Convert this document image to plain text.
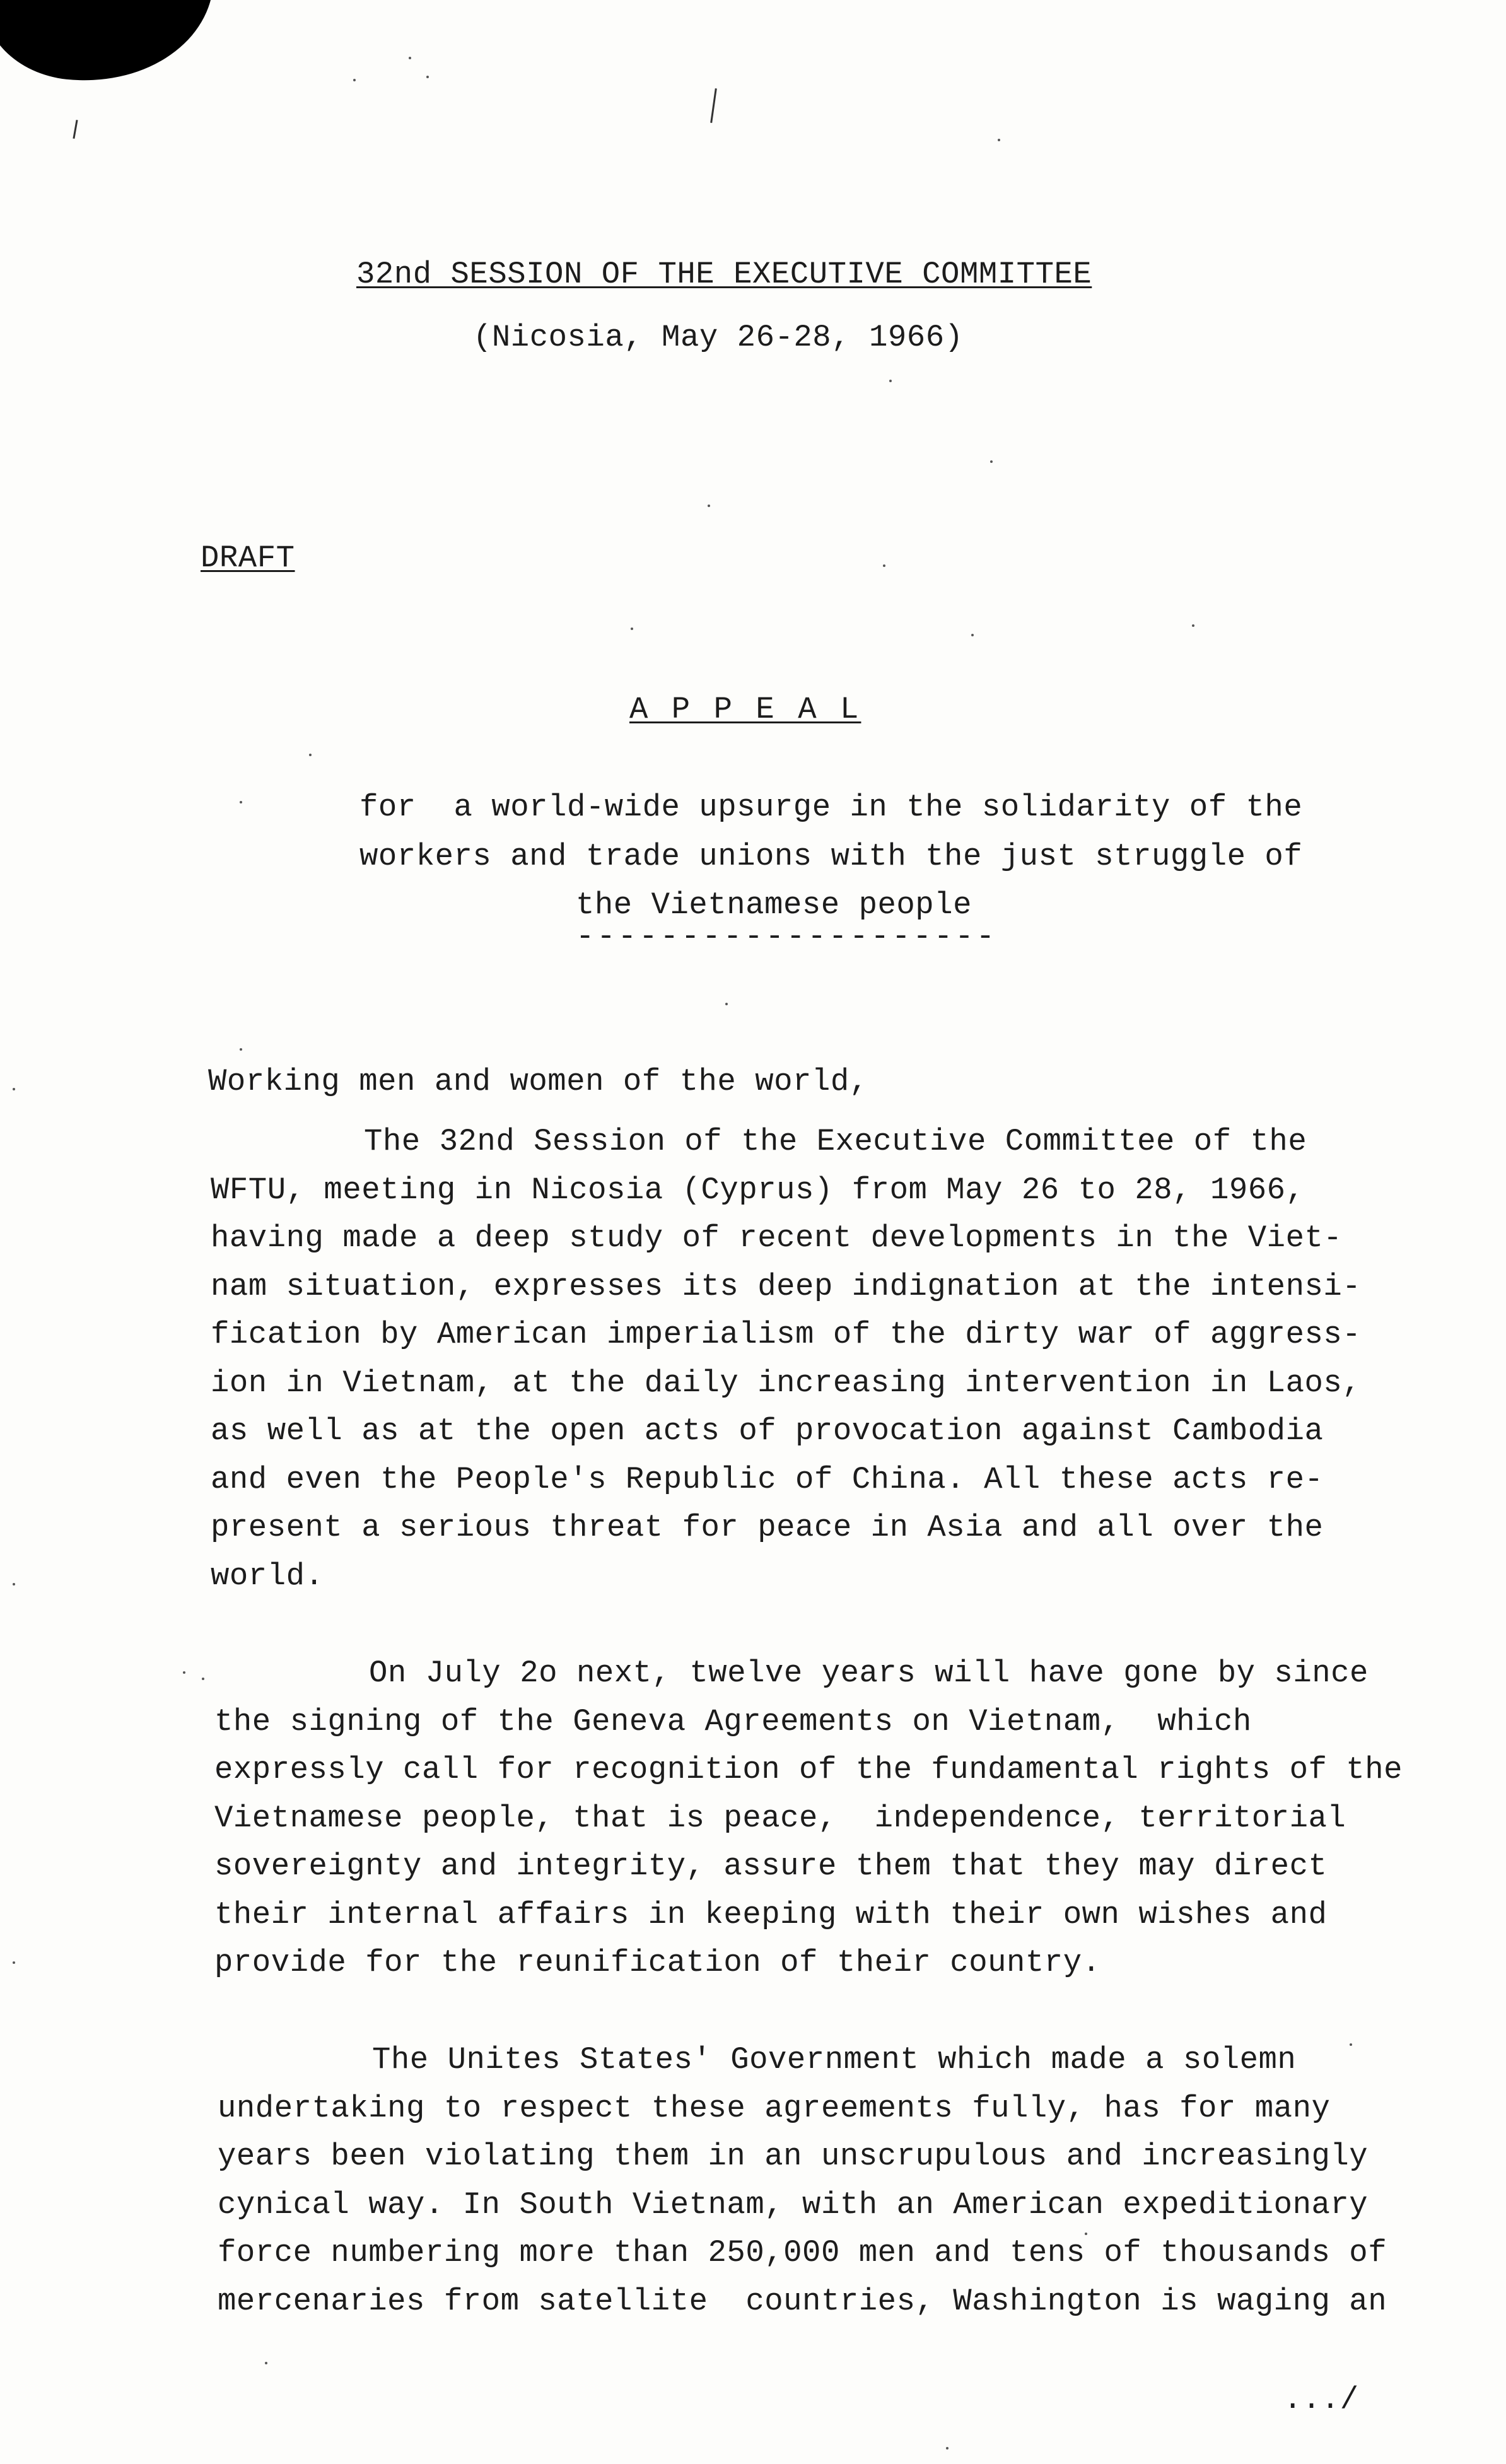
32nd SESSION OF THE EXECUTIVE COMMITTEE
(Nicosia, May 26-28, 1966)
DRAFT
A P P E A L
for  a world-wide upsurge in the solidarity of the
workers and trade unions with the just struggle of
the Vietnamese people
--------------------
Working men and women of the world,
The 32nd Session of the Executive Committee of the
WFTU, meeting in Nicosia (Cyprus) from May 26 to 28, 1966,
having made a deep study of recent developments in the Viet-
nam situation, expresses its deep indignation at the intensi-
fication by American imperialism of the dirty war of aggress-
ion in Vietnam, at the daily increasing intervention in Laos,
as well as at the open acts of provocation against Cambodia
and even the People's Republic of China. All these acts re-
present a serious threat for peace in Asia and all over the
world.
On July 2o next, twelve years will have gone by since
the signing of the Geneva Agreements on Vietnam,  which
expressly call for recognition of the fundamental rights of the
Vietnamese people, that is peace,  independence, territorial
sovereignty and integrity, assure them that they may direct
their internal affairs in keeping with their own wishes and
provide for the reunification of their country.
The Unites States' Government which made a solemn
undertaking to respect these agreements fully, has for many
years been violating them in an unscrupulous and increasingly
cynical way. In South Vietnam, with an American expeditionary
force numbering more than 250,000 men and tens of thousands of
mercenaries from satellite  countries, Washington is waging an
.../
